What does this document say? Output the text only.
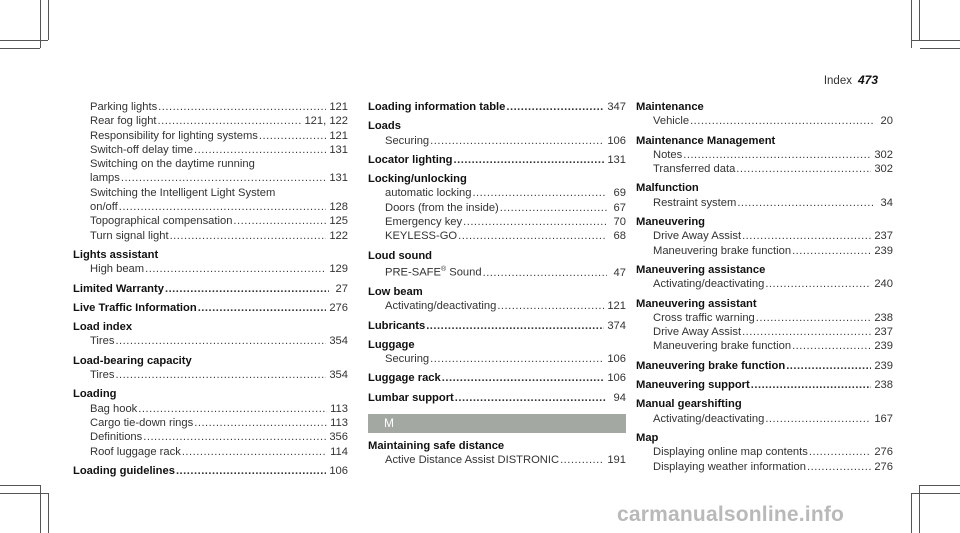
Index 473
Parking lights .....	121
Rear fog light .....	121, 122
Responsibility for lighting systems .....	121
Switch-off delay time .....	131
Switching on the daytime running
lamps .....	131
Switching the Intelligent Light System
on/off .....	128
Topographical compensation .....	125
Turn signal light .....	122
Lights assistant
High beam .....	129
Limited Warranty .....	27
Live Traffic Information .....	276
Load index
Tires .....	354
Load-bearing capacity
Tires .....	354
Loading
Bag hook .....	113
Cargo tie-down rings .....	113
Definitions .....	356
Roof luggage rack .....	114
Loading guidelines .....	106
Loading information table .....	347
Loads
Securing .....	106
Locator lighting .....	131
Locking/unlocking
automatic locking .....	69
Doors (from the inside) .....	67
Emergency key .....	70
KEYLESS-GO .....	68
Loud sound
PRE-SAFE® Sound .....	47
Low beam
Activating/deactivating .....	121
Lubricants .....	374
Luggage
Securing .....	106
Luggage rack .....	106
Lumbar support .....	94
M
Maintaining safe distance
Active Distance Assist DISTRONIC .....	191
Maintenance
Vehicle .....	20
Maintenance Management
Notes .....	302
Transferred data .....	302
Malfunction
Restraint system .....	34
Maneuvering
Drive Away Assist .....	237
Maneuvering brake function .....	239
Maneuvering assistance
Activating/deactivating .....	240
Maneuvering assistant
Cross traffic warning .....	238
Drive Away Assist .....	237
Maneuvering brake function .....	239
Maneuvering brake function .....	239
Maneuvering support .....	238
Manual gearshifting
Activating/deactivating .....	167
Map
Displaying online map contents .....	276
Displaying weather information .....	276
carmanualsonline.info
